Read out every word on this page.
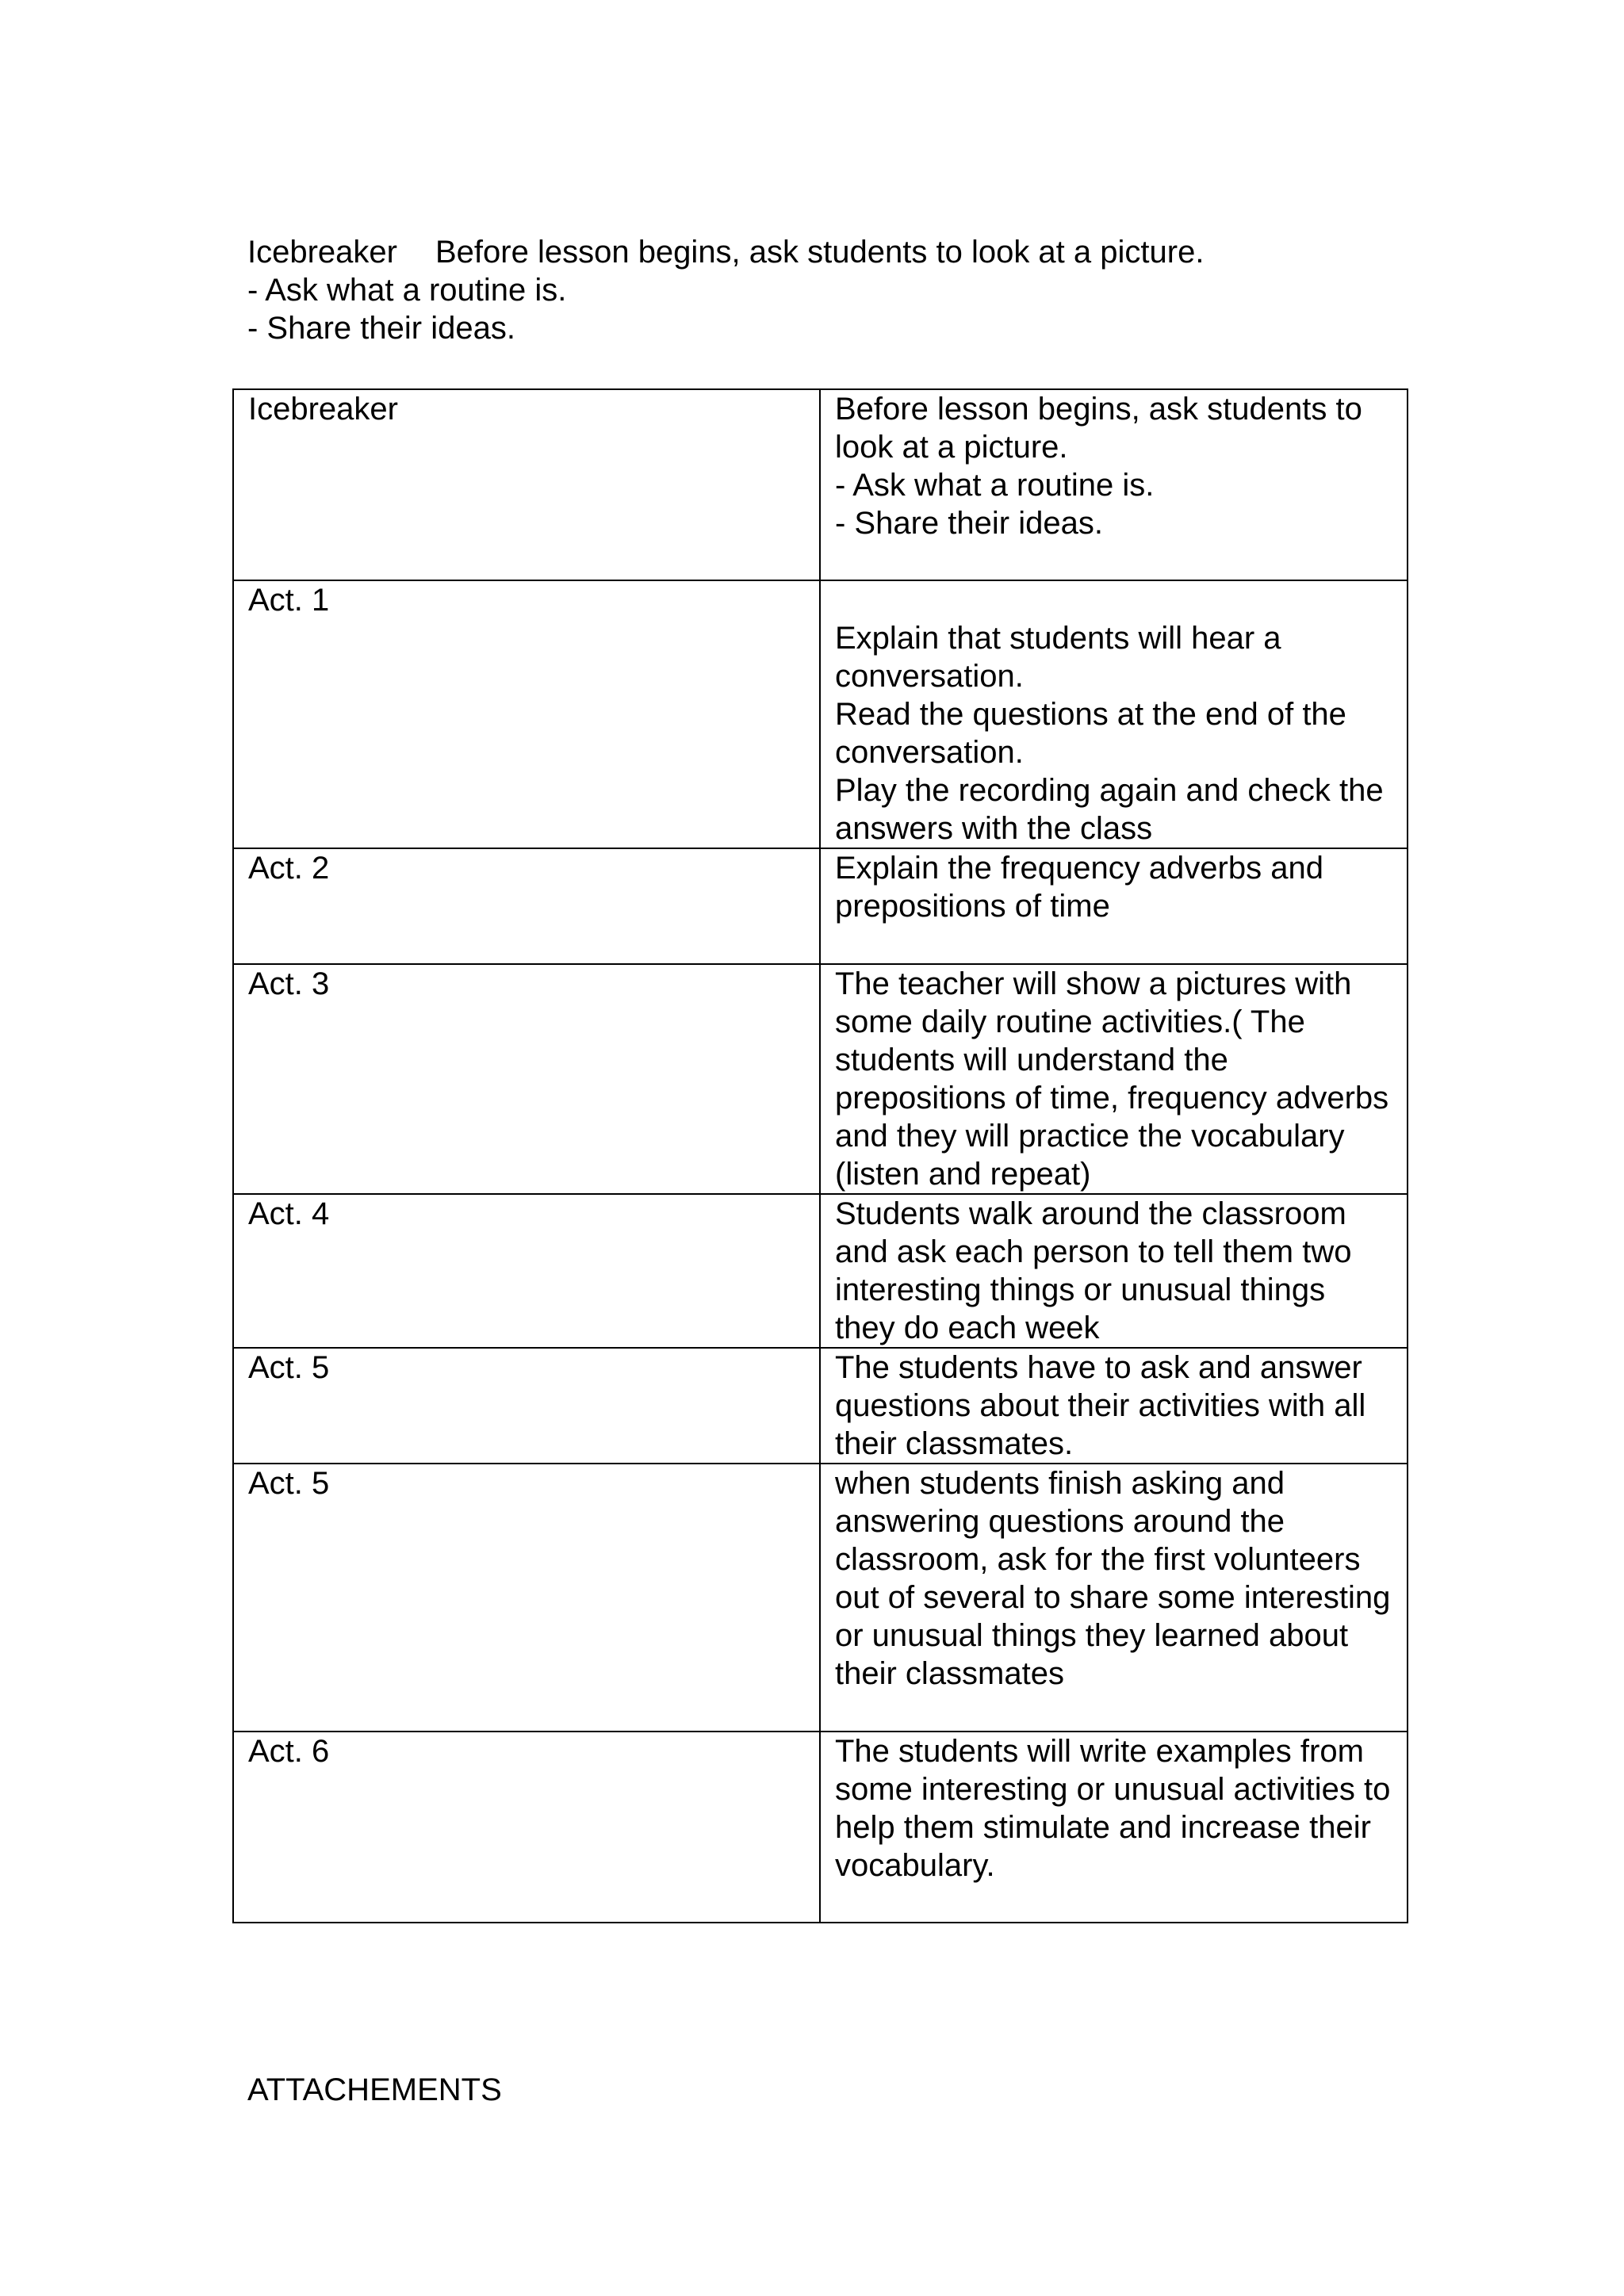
Icebreaker Before lesson begins, ask students to look at a picture.
- Ask what a routine is.
- Share their ideas.
Icebreaker	Before lesson begins, ask students to look at a picture.
- Ask what a routine is.
- Share their ideas.

Act. 1	Explain that students will hear a conversation.
Read the questions at the end of the conversation.
Play the recording again and check the answers with the class

Act. 2	Explain the frequency adverbs and prepositions of time

Act. 3	The teacher will show a pictures with some daily routine activities.( The students will understand the prepositions of time, frequency adverbs and they will practice the vocabulary (listen and repeat)

Act. 4	Students walk around the classroom and ask each person to tell them two interesting things or unusual things they do each week

Act. 5	The students have to ask and answer questions about their activities with all their classmates.

Act. 5	when students finish asking and answering questions around the classroom, ask for the first volunteers out of several to share some interesting or unusual things they learned about their classmates

Act. 6	The students will write examples from some interesting or unusual activities to help them stimulate and increase their vocabulary.
ATTACHEMENTS
